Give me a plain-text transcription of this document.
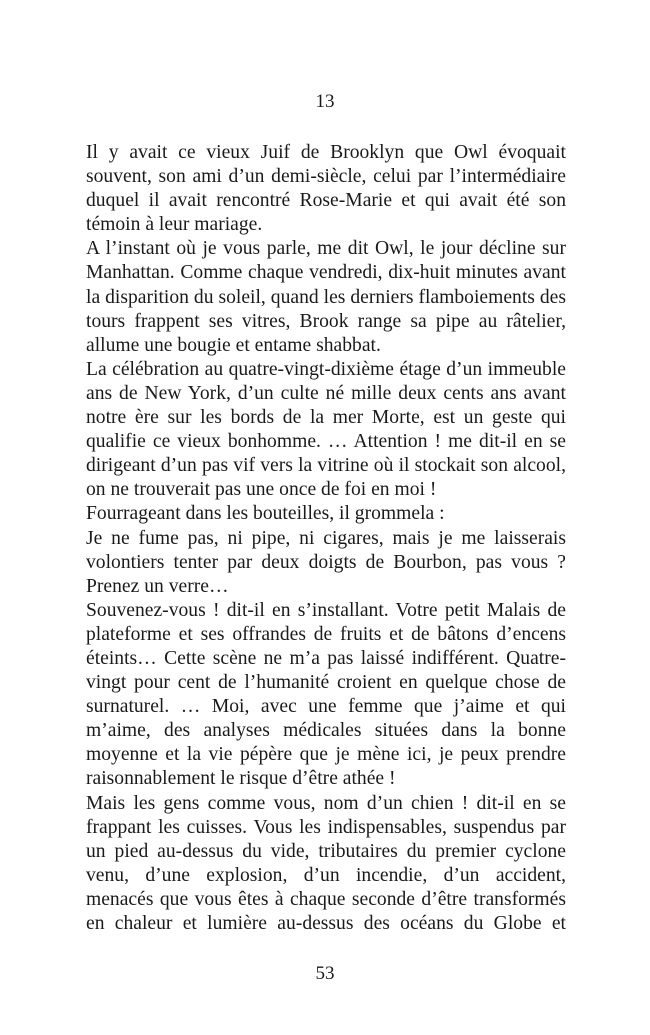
13

Il y avait ce vieux Juif de Brooklyn que Owl évoquait souvent, son ami d’un demi-siècle, celui par l’intermédiaire duquel il avait rencontré Rose-Marie et qui avait été son témoin à leur mariage.

A l’instant où je vous parle, me dit Owl, le jour décline sur Manhattan. Comme chaque vendredi, dix-huit minutes avant la disparition du soleil, quand les derniers flamboiements des tours frappent ses vitres, Brook range sa pipe au râtelier, allume une bougie et entame shabbat.

La célébration au quatre-vingt-dixième étage d’un immeuble ans de New York, d’un culte né mille deux cents ans avant notre ère sur les bords de la mer Morte, est un geste qui qualifie ce vieux bonhomme. … Attention ! me dit-il en se dirigeant d’un pas vif vers la vitrine où il stockait son alcool, on ne trouverait pas une once de foi en moi !

Fourrageant dans les bouteilles, il grommela :

Je ne fume pas, ni pipe, ni cigares, mais je me laisserais volontiers tenter par deux doigts de Bourbon, pas vous ? Prenez un verre…

Souvenez-vous ! dit-il en s’installant. Votre petit Malais de plateforme et ses offrandes de fruits et de bâtons d’encens éteints… Cette scène ne m’a pas laissé indifférent. Quatre-vingt pour cent de l’humanité croient en quelque chose de surnaturel. … Moi, avec une femme que j’aime et qui m’aime, des analyses médicales situées dans la bonne moyenne et la vie pépère que je mène ici, je peux prendre raisonnablement le risque d’être athée !

Mais les gens comme vous, nom d’un chien ! dit-il en se frappant les cuisses. Vous les indispensables, suspendus par un pied au-dessus du vide, tributaires du premier cyclone venu, d’une explosion, d’un incendie, d’un accident, menacés que vous êtes à chaque seconde d’être transformés en chaleur et lumière au-dessus des océans du Globe et

53
